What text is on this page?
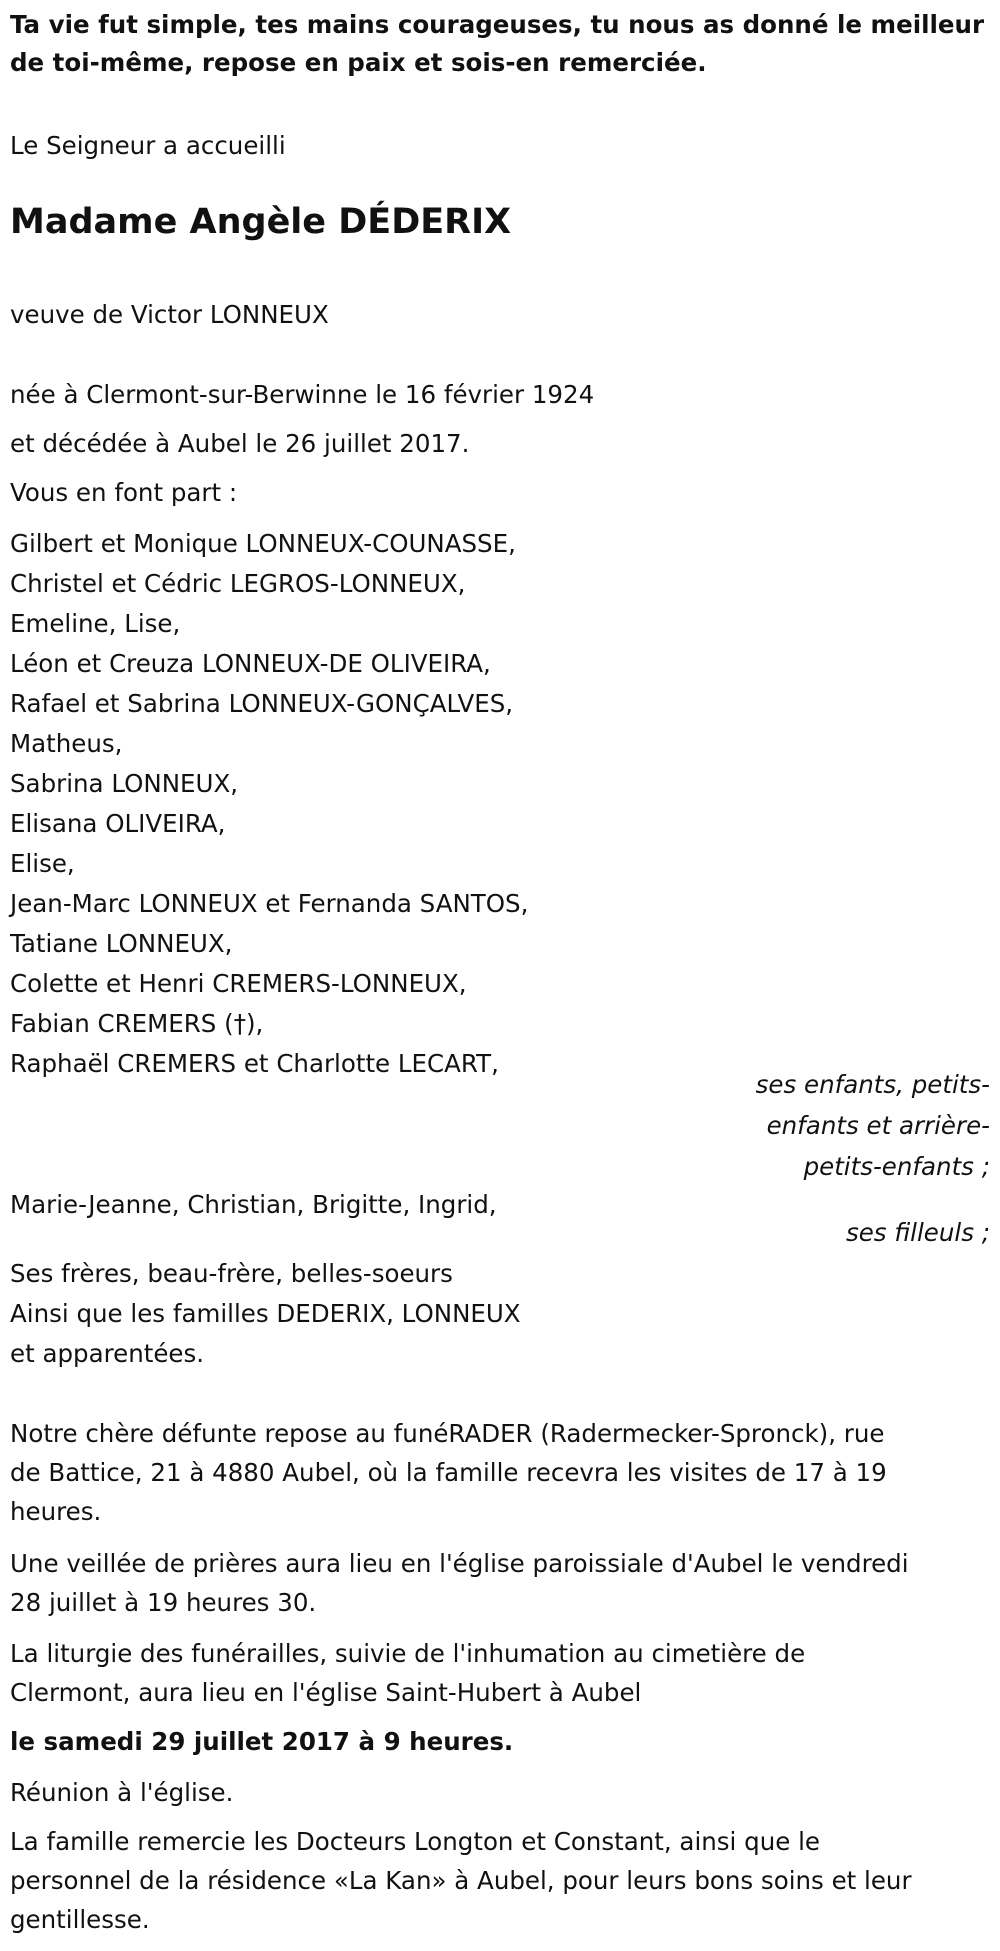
Ta vie fut simple, tes mains courageuses, tu nous as donné le meilleur
de toi-même, repose en paix et sois-en remerciée.
Le Seigneur a accueilli
Madame Angèle DÉDERIX
veuve de Victor LONNEUX
née à Clermont-sur-Berwinne le 16 février 1924
et décédée à Aubel le 26 juillet 2017.
Vous en font part :
Gilbert et Monique LONNEUX-COUNASSE,
Christel et Cédric LEGROS-LONNEUX,
Emeline, Lise,
Léon et Creuza LONNEUX-DE OLIVEIRA,
Rafael et Sabrina LONNEUX-GONÇALVES,
Matheus,
Sabrina LONNEUX,
Elisana OLIVEIRA,
Elise,
Jean-Marc LONNEUX et Fernanda SANTOS,
Tatiane LONNEUX,
Colette et Henri CREMERS-LONNEUX,
Fabian CREMERS (†),
Raphaël CREMERS et Charlotte LECART,
ses enfants, petits-
enfants et arrière-
petits-enfants ;
Marie-Jeanne, Christian, Brigitte, Ingrid,
ses filleuls ;
Ses frères, beau-frère, belles-soeurs
Ainsi que les familles DEDERIX, LONNEUX
et apparentées.
Notre chère défunte repose au funéRADER (Radermecker-Spronck), rue
de Battice, 21 à 4880 Aubel, où la famille recevra les visites de 17 à 19
heures.
Une veillée de prières aura lieu en l'église paroissiale d'Aubel le vendredi
28 juillet à 19 heures 30.
La liturgie des funérailles, suivie de l'inhumation au cimetière de
Clermont, aura lieu en l'église Saint-Hubert à Aubel
le samedi 29 juillet 2017 à 9 heures.
Réunion à l'église.
La famille remercie les Docteurs Longton et Constant, ainsi que le
personnel de la résidence «La Kan» à Aubel, pour leurs bons soins et leur
gentillesse.
